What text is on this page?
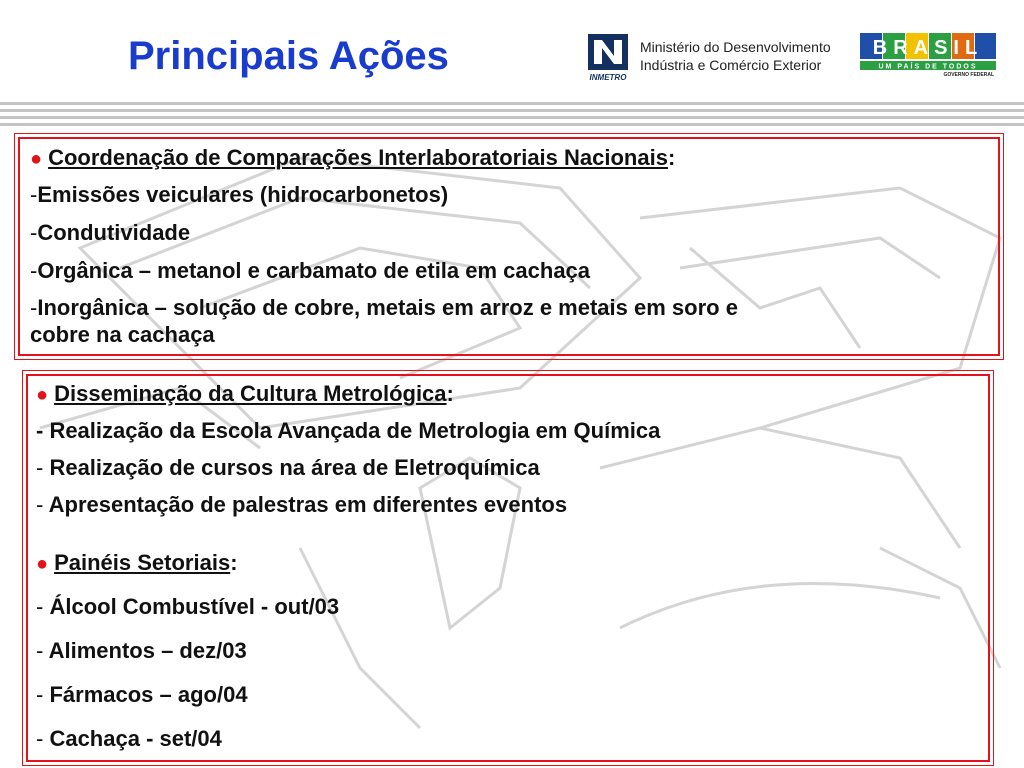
Principais Ações	INMETRO
Ministério do Desenvolvimento
Indústria e Comércio Exterior
BRASIL
UM PAÍS DE TODOS
GOVERNO FEDERAL
● Coordenação de Comparações Interlaboratoriais Nacionais:
-Emissões veiculares (hidrocarbonetos)
-Condutividade
-Orgânica – metanol e carbamato de etila em cachaça
-Inorgânica – solução de cobre, metais em arroz e metais em soro e
cobre na cachaça
● Disseminação da Cultura Metrológica:
- Realização da Escola Avançada de Metrologia em Química
- Realização de cursos na área de Eletroquímica
- Apresentação de palestras em diferentes eventos
● Painéis Setoriais:
- Álcool Combustível - out/03
- Alimentos – dez/03
- Fármacos – ago/04
- Cachaça - set/04
